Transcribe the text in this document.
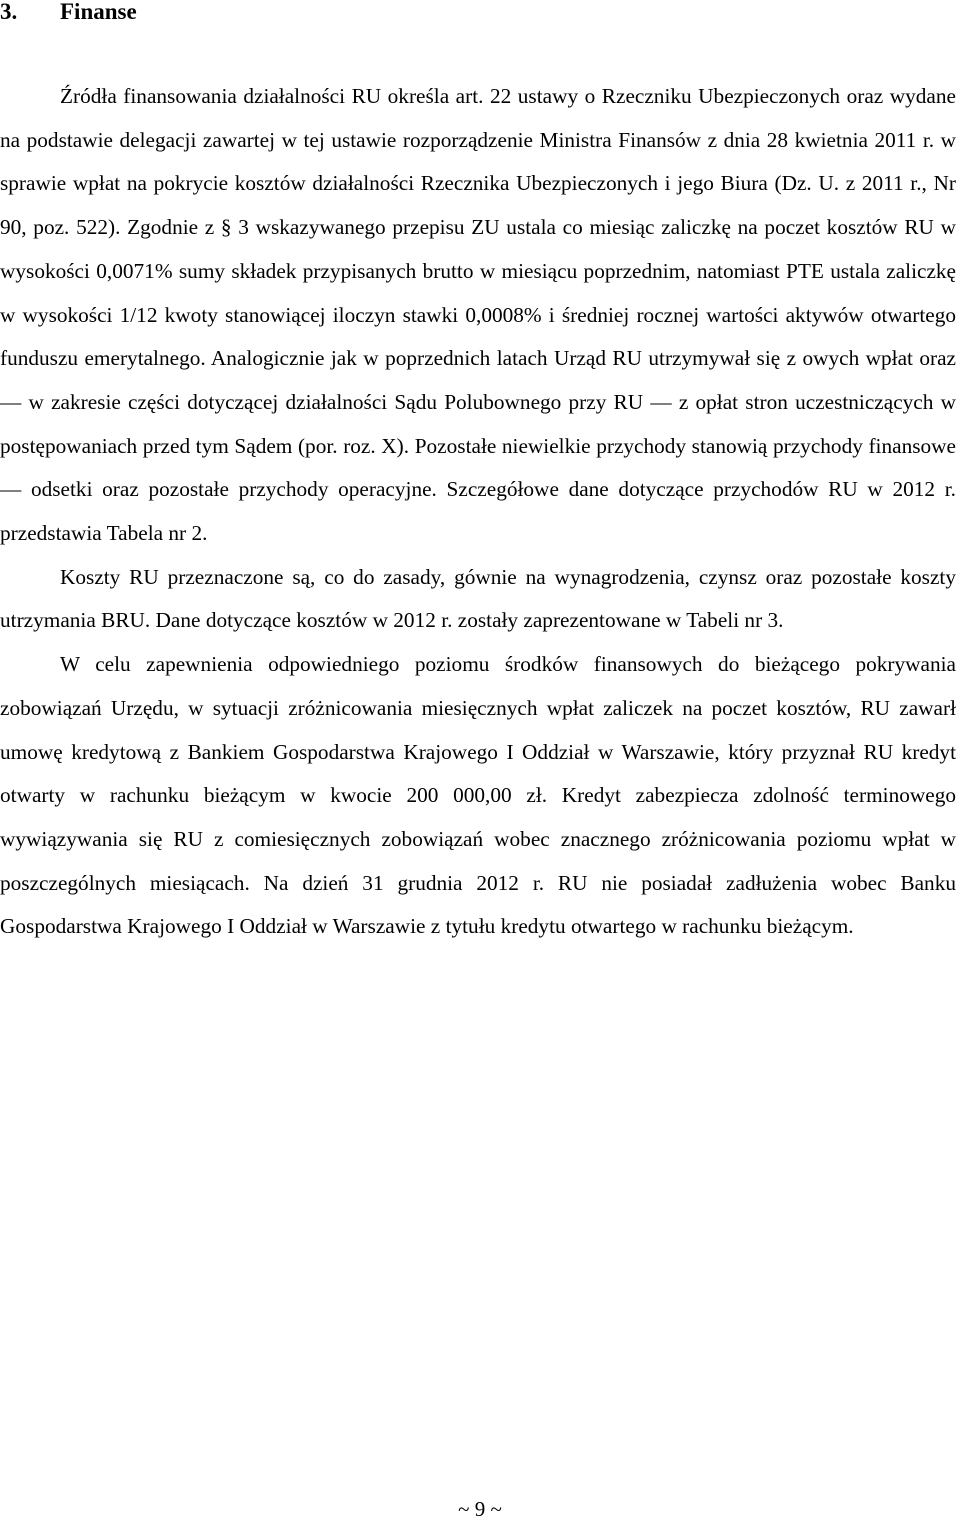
3. Finanse

Źródła finansowania działalności RU określa art. 22 ustawy o Rzeczniku Ubezpieczonych oraz wydane na podstawie delegacji zawartej w tej ustawie rozporządzenie Ministra Finansów z dnia 28 kwietnia 2011 r. w sprawie wpłat na pokrycie kosztów działalności Rzecznika Ubezpieczonych i jego Biura (Dz. U. z 2011 r., Nr 90, poz. 522). Zgodnie z § 3 wskazywanego przepisu ZU ustala co miesiąc zaliczkę na poczet kosztów RU w wysokości 0,0071% sumy składek przypisanych brutto w miesiącu poprzednim, natomiast PTE ustala zaliczkę w wysokości 1/12 kwoty stanowiącej iloczyn stawki 0,0008% i średniej rocznej wartości aktywów otwartego funduszu emerytalnego. Analogicznie jak w poprzednich latach Urząd RU utrzymywał się z owych wpłat oraz — w zakresie części dotyczącej działalności Sądu Polubownego przy RU — z opłat stron uczestniczących w postępowaniach przed tym Sądem (por. roz. X). Pozostałe niewielkie przychody stanowią przychody finansowe — odsetki oraz pozostałe przychody operacyjne. Szczegółowe dane dotyczące przychodów RU w 2012 r. przedstawia Tabela nr 2.

Koszty RU przeznaczone są, co do zasady, gównie na wynagrodzenia, czynsz oraz pozostałe koszty utrzymania BRU. Dane dotyczące kosztów w 2012 r. zostały zaprezentowane w Tabeli nr 3.

W celu zapewnienia odpowiedniego poziomu środków finansowych do bieżącego pokrywania zobowiązań Urzędu, w sytuacji zróżnicowania miesięcznych wpłat zaliczek na poczet kosztów, RU zawarł umowę kredytową z Bankiem Gospodarstwa Krajowego I Oddział w Warszawie, który przyznał RU kredyt otwarty w rachunku bieżącym w kwocie 200 000,00 zł. Kredyt zabezpiecza zdolność terminowego wywiązywania się RU z comiesięcznych zobowiązań wobec znacznego zróżnicowania poziomu wpłat w poszczególnych miesiącach. Na dzień 31 grudnia 2012 r. RU nie posiadał zadłużenia wobec Banku Gospodarstwa Krajowego I Oddział w Warszawie z tytułu kredytu otwartego w rachunku bieżącym.

~ 9 ~
